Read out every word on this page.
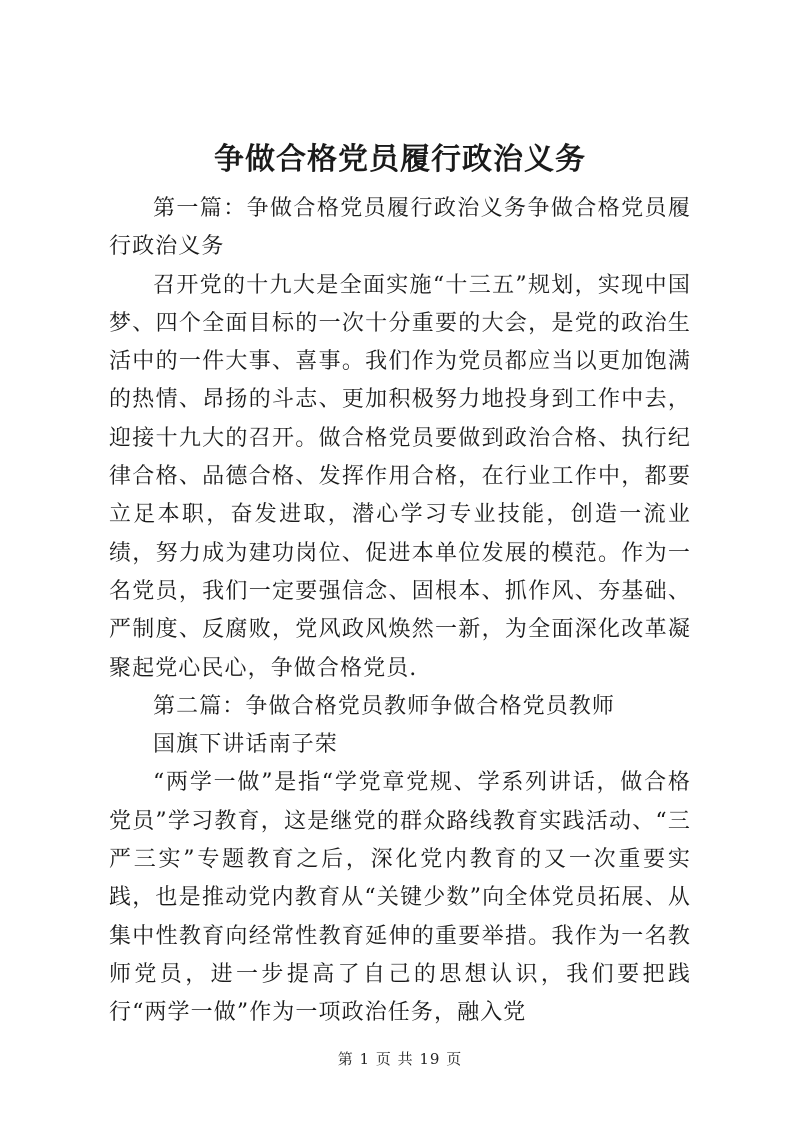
争做合格党员履行政治义务

第一篇：争做合格党员履行政治义务争做合格党员履行政治义务

召开党的十九大是全面实施“十三五”规划，实现中国梦、四个全面目标的一次十分重要的大会，是党的政治生活中的一件大事、喜事。我们作为党员都应当以更加饱满的热情、昂扬的斗志、更加积极努力地投身到工作中去，迎接十九大的召开。做合格党员要做到政治合格、执行纪律合格、品德合格、发挥作用合格，在行业工作中，都要立足本职，奋发进取，潜心学习专业技能，创造一流业绩，努力成为建功岗位、促进本单位发展的模范。作为一名党员，我们一定要强信念、固根本、抓作风、夯基础、严制度、反腐败，党风政风焕然一新，为全面深化改革凝聚起党心民心，争做合格党员.

第二篇：争做合格党员教师争做合格党员教师

国旗下讲话南子荣

“两学一做”是指“学党章党规、学系列讲话，做合格党员”学习教育，这是继党的群众路线教育实践活动、“三严三实”专题教育之后，深化党内教育的又一次重要实践，也是推动党内教育从“关键少数”向全体党员拓展、从集中性教育向经常性教育延伸的重要举措。我作为一名教师党员，进一步提高了自己的思想认识，我们要把践行“两学一做”作为一项政治任务，融入党

第 1 页 共 19 页
